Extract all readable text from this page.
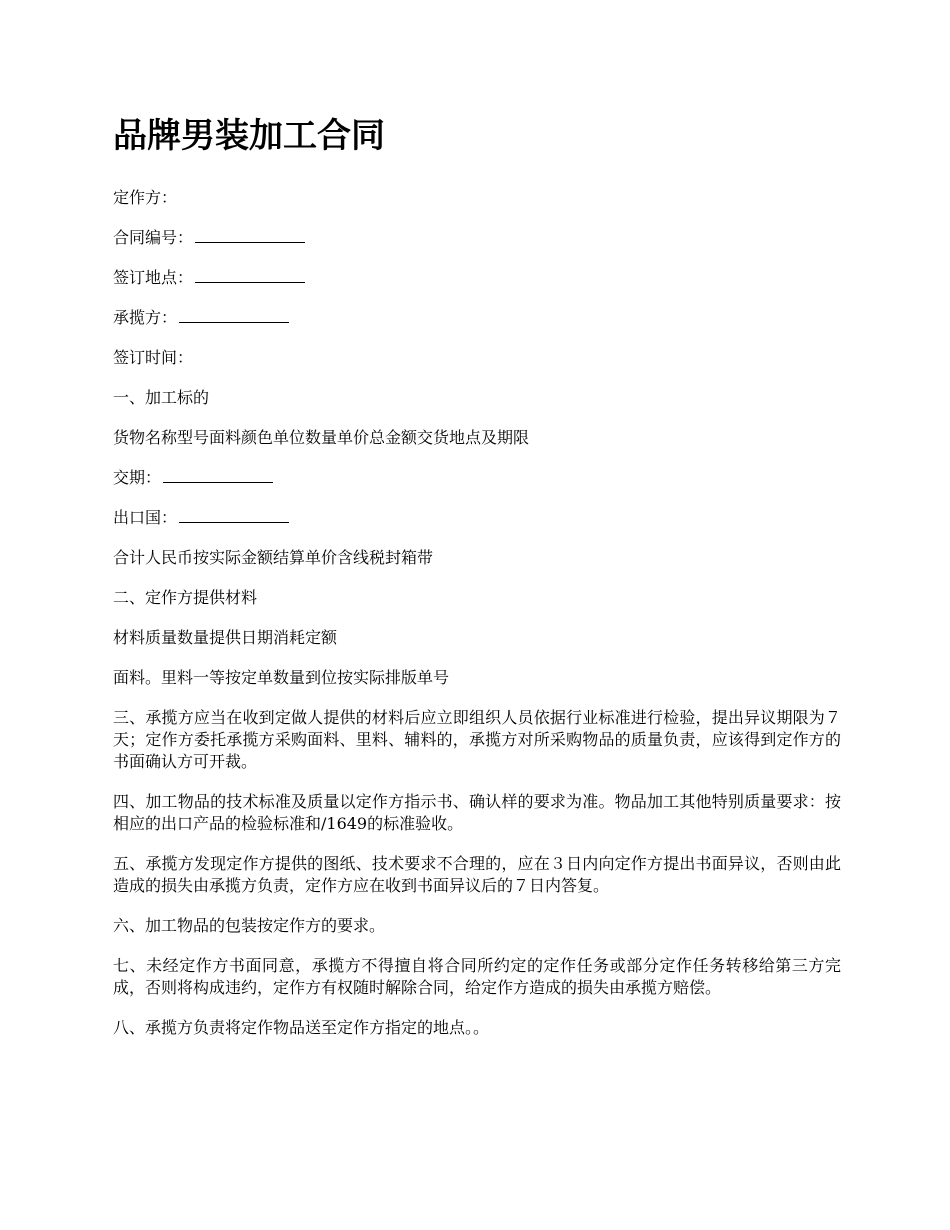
品牌男装加工合同

定作方：

合同编号：

签订地点：

承揽方：

签订时间：

一、加工标的

货物名称型号面料颜色单位数量单价总金额交货地点及期限

交期：

出口国：

合计人民币按实际金额结算单价含线税封箱带

二、定作方提供材料

材料质量数量提供日期消耗定额

面料。里料一等按定单数量到位按实际排版单号

三、承揽方应当在收到定做人提供的材料后应立即组织人员依据行业标准进行检验，提出异议期限为７天；定作方委托承揽方采购面料、里料、辅料的，承揽方对所采购物品的质量负责，应该得到定作方的书面确认方可开裁。

四、加工物品的技术标准及质量以定作方指示书、确认样的要求为准。物品加工其他特别质量要求：按相应的出口产品的检验标准和/1649的标准验收。

五、承揽方发现定作方提供的图纸、技术要求不合理的，应在３日内向定作方提出书面异议，否则由此造成的损失由承揽方负责，定作方应在收到书面异议后的７日内答复。

六、加工物品的包装按定作方的要求。

七、未经定作方书面同意，承揽方不得擅自将合同所约定的定作任务或部分定作任务转移给第三方完成，否则将构成违约，定作方有权随时解除合同，给定作方造成的损失由承揽方赔偿。

八、承揽方负责将定作物品送至定作方指定的地点。。
